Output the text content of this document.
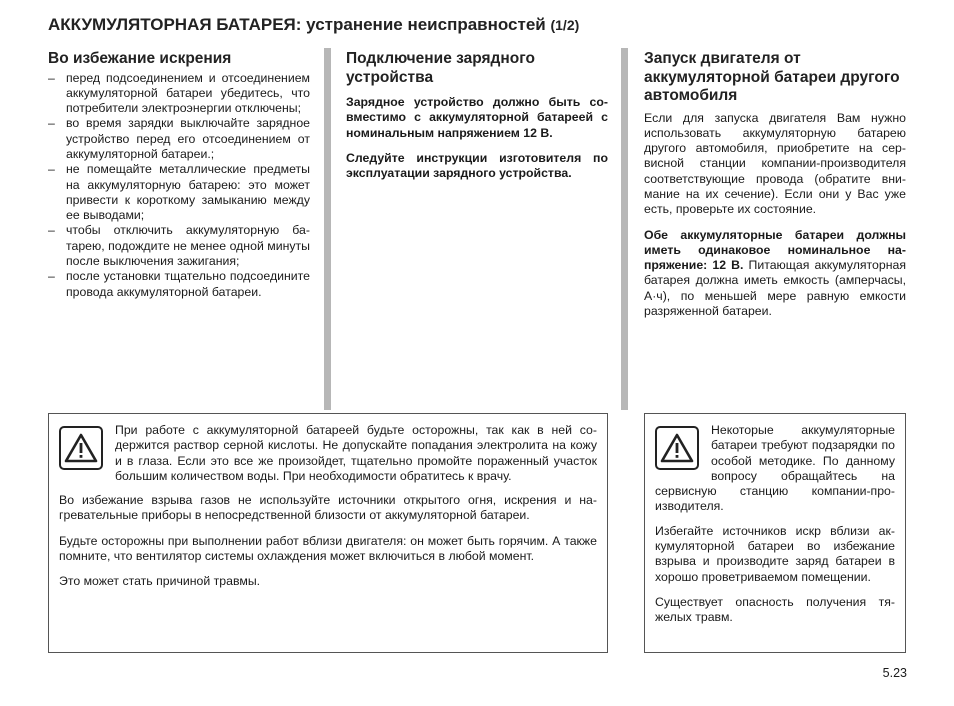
АККУМУЛЯТОРНАЯ БАТАРЕЯ: устранение неисправностей (1/2)
Во избежание искрения
– перед подсоединением и отсоединением аккумуляторной батареи убедитесь, что потребители электроэнергии отключены;
– во время зарядки выключайте зарядное устройство перед его отсоединением от аккумуляторной батареи.;
– не помещайте металлические предметы на аккумуляторную батарею: это может привести к короткому замыканию между ее выводами;
– чтобы отключить аккумуляторную батарею, подождите не менее одной минуты после выключения зажигания;
– после установки тщательно подсоедините провода аккумуляторной батареи.
Подключение зарядного устройства

Зарядное устройство должно быть совместимо с аккумуляторной батареей с номинальным напряжением 12 В.

Следуйте инструкции изготовителя по эксплуатации зарядного устройства.

Запуск двигателя от аккумуляторной батареи другого автомобиля

Если для запуска двигателя Вам нужно использовать аккумуляторную батарею другого автомобиля, приобретите на сервисной станции компании-производителя соответствующие провода (обратите внимание на их сечение). Если они у Вас уже есть, проверьте их состояние.

Обе аккумуляторные батареи должны иметь одинаковое номинальное напряжение: 12 В. Питающая аккумуляторная батарея должна иметь емкость (амперчасы, А·ч), по меньшей мере равную емкости разряженной батареи.

При работе с аккумуляторной батареей будьте осторожны, так как в ней содержится раствор серной кислоты. Не допускайте попадания электролита на кожу и в глаза. Если это все же произойдет, тщательно промойте пораженный участок большим количеством воды. При необходимости обратитесь к врачу.

Во избежание взрыва газов не используйте источники открытого огня, искрения и нагревательные приборы в непосредственной близости от аккумуляторной батареи.

Будьте осторожны при выполнении работ вблизи двигателя: он может быть горячим. А также помните, что вентилятор системы охлаждения может включиться в любой момент.

Это может стать причиной травмы.

Некоторые аккумуляторные батареи требуют подзарядки по особой методике. По данному вопросу обращайтесь на сервисную станцию компании-производителя.

Избегайте источников искр вблизи аккумуляторной батареи во избежание взрыва и производите заряд батареи в хорошо проветриваемом помещении.

Существует опасность получения тяжелых травм.

5.23
